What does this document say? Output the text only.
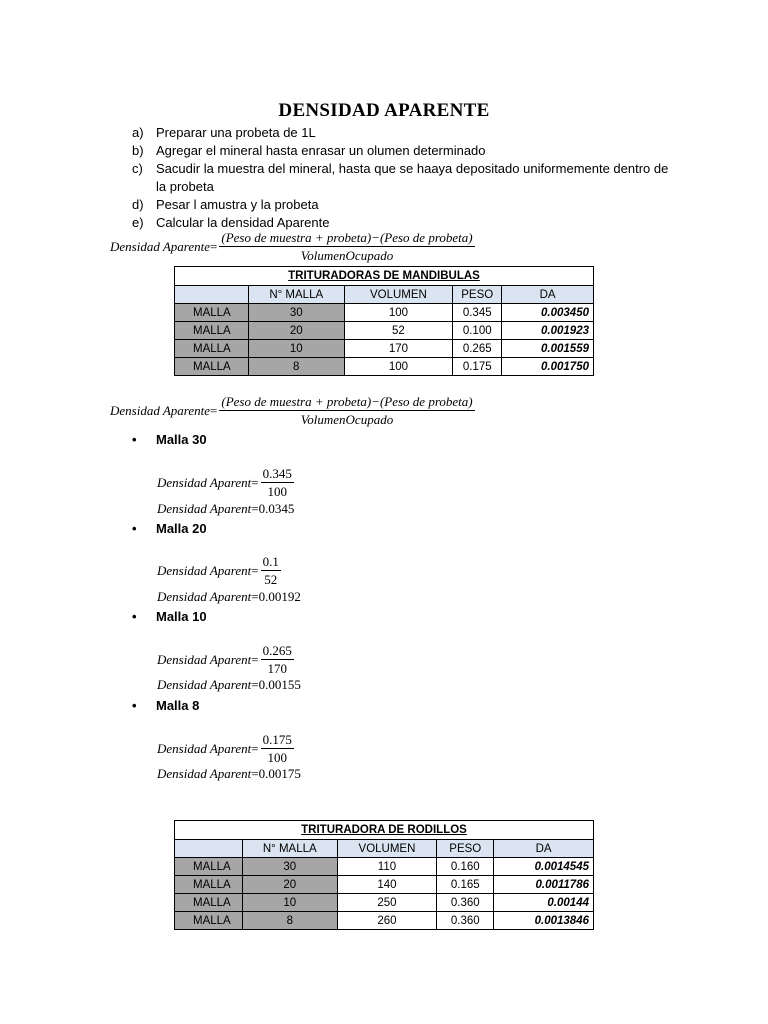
DENSIDAD APARENTE
a) Preparar una probeta de 1L
b) Agregar el mineral hasta enrasar un olumen determinado
c)	Sacudir la muestra del mineral, hasta que se haaya depositado uniformemente dentro de la probeta
d) Pesar l amustra y la probeta
e) Calcular la densidad Aparente
Densidad Aparente = $\frac{\text{(Peso de muestra + probeta)−(Peso de probeta)}}{\text{VolumenOcupado}}$
TRITURADORAS DE MANDIBULAS				
	N° MALLA	VOLUMEN	PESO	DA
MALLA	30	100	0.345	0.003450
MALLA	20	52	0.100	0.001923
MALLA	10	170	0.265	0.001559
MALLA	8	100	0.175	0.001750
Densidad Aparente = $\frac{\text{(Peso de muestra + probeta)−(Peso de probeta)}}{\text{VolumenOcupado}}$
•	Malla 30
Densidad Aparent = $\frac{0.345}{100}$
Densidad Aparent = 0.0345
•	Malla 20
Densidad Aparent = $\frac{0.1}{52}$
Densidad Aparent = 0.00192
•	Malla 10
Densidad Aparent = $\frac{0.265}{170}$
Densidad Aparent = 0.00155
•	Malla 8
Densidad Aparent = $\frac{0.175}{100}$
Densidad Aparent = 0.00175
TRITURADORA DE RODILLOS				
	N° MALLA	VOLUMEN	PESO	DA
MALLA	30	110	0.160	0.0014545
MALLA	20	140	0.165	0.0011786
MALLA	10	250	0.360	0.00144
MALLA	8	260	0.360	0.0013846
